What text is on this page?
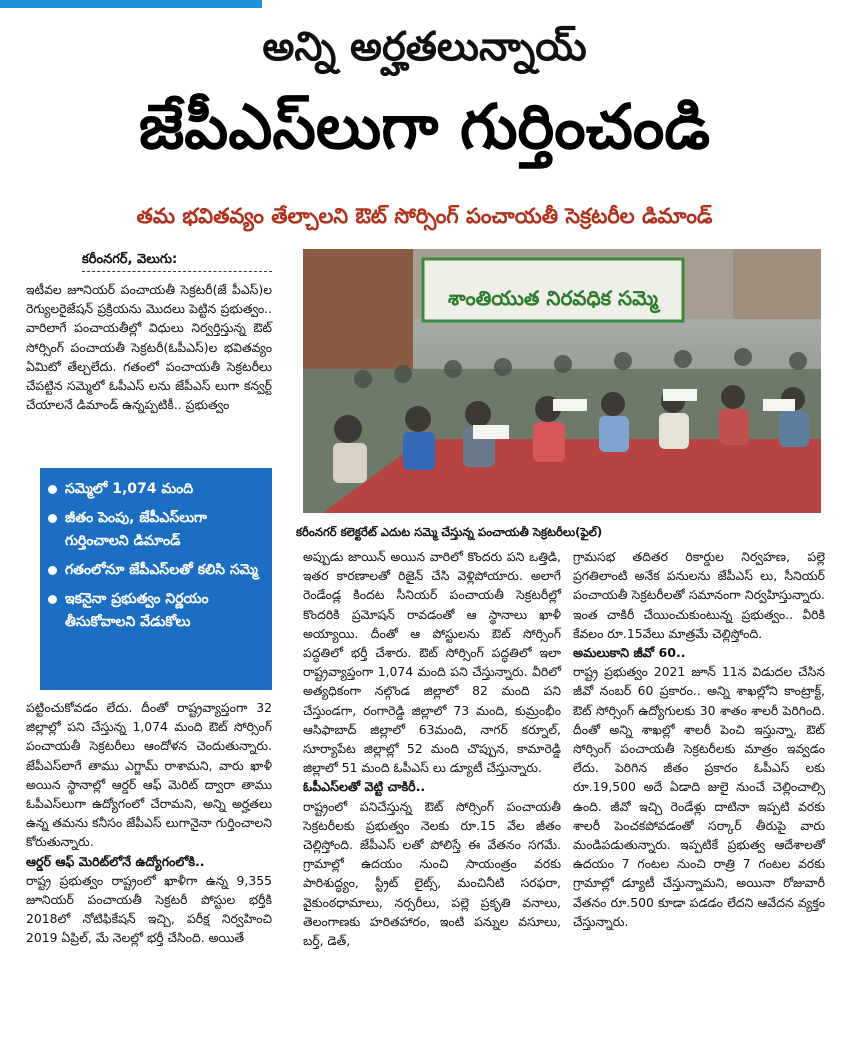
అన్ని అర్హతలున్నాయ్
జేపీఎస్‌లుగా గుర్తించండి
తమ భవితవ్యం తేల్చాలని ఔట్ సోర్సింగ్ పంచాయతీ సెక్రటరీల డిమాండ్
కరీంనగర్, వెలుగు:

ఇటీవల జూనియర్ పంచాయతీ సెక్రటరీ(జే పీఎస్)ల రెగ్యులరైజేషన్ ప్రక్రియను మొదలు పెట్టిన ప్రభుత్వం.. వారిలాగే పంచాయతీల్లో విధులు నిర్వర్తిస్తున్న ఔట్ సోర్సింగ్ పంచాయతీ సెక్రటరీ(ఓపీఎస్)ల భవితవ్యం ఏమిటో తేల్చలేదు. గతంలో పంచాయతీ సెక్రటరీలు చేపట్టిన సమ్మెలో ఓపీఎస్ లను జేపీఎస్ లుగా కన్వర్ట్ చేయాలనే డిమాండ్ ఉన్నప్పటికీ.. ప్రభుత్వం

సమ్మెలో 1,074 మంది
జీతం పెంపు, జేపీఎస్‌లుగా గుర్తించాలని డిమాండ్
గతంలోనూ జేపీఎస్‌లతో కలిసి సమ్మె
ఇకనైనా ప్రభుత్వం నిర్ణయం తీసుకోవాలని వేడుకోలు

పట్టించుకోవడం లేదు. దీంతో రాష్ట్రవ్యాప్తంగా 32 జిల్లాల్లో పని చేస్తున్న 1,074 మంది ఔట్ సోర్సింగ్ పంచాయతీ సెక్రటరీలు ఆందోళన చెందుతున్నారు. జేపీఎస్‌లాగే తాము ఎగ్జామ్ రాశామని, వారు ఖాళీ అయిన స్థానాల్లో ఆర్డర్ ఆఫ్ మెరిట్ ద్వారా తాము ఓపీఎస్‌లుగా ఉద్యోగంలో చేరామని, అన్ని అర్హతలు ఉన్న తమను కనీసం జేపీఎస్ లుగానైనా గుర్తించాలని కోరుతున్నారు.

ఆర్డర్ ఆఫ్ మెరిట్‌లోనే ఉద్యోగంలోకి..

రాష్ట్ర ప్రభుత్వం రాష్ట్రంలో ఖాళీగా ఉన్న 9,355 జూనియర్ పంచాయతీ సెక్రటరీ పోస్టుల భర్తీకి 2018లో నోటిఫికేషన్ ఇచ్చి, పరీక్ష నిర్వహించి 2019 ఏప్రిల్, మే నెలల్లో భర్తీ చేసింది. అయితే

శాంతియుత నిరవధిక సమ్మె
కరీంనగర్ కలెక్టరేట్ ఎదుట సమ్మె చేస్తున్న పంచాయతీ సెక్రటరీలు(ఫైల్)

అప్పుడు జాయిన్ అయిన వారిలో కొందరు పని ఒత్తిడి, ఇతర కారణాలతో రిజైన్ చేసి వెళ్లిపోయారు. అలాగే రెండేండ్ల కిందట సీనియర్ పంచాయతీ సెక్రటరీల్లో కొందరికి ప్రమోషన్ రావడంతో ఆ స్థానాలు ఖాళీ అయ్యాయి. దీంతో ఆ పోస్టులను ఔట్ సోర్సింగ్ పద్ధతిలో భర్తీ చేశారు. ఔట్ సోర్సింగ్ పద్ధతిలో ఇలా రాష్ట్రవ్యాప్తంగా 1,074 మంది పని చేస్తున్నారు. వీరిలో అత్యధికంగా నల్గొండ జిల్లాలో 82 మంది పని చేస్తుండగా, రంగారెడ్డి జిల్లాలో 73 మంది, కుమ్రంభీం ఆసిఫాబాద్ జిల్లాలో 63మంది, నాగర్ కర్నూల్, సూర్యాపేట జిల్లాల్లో 52 మంది చొప్పున, కామారెడ్డి జిల్లాలో 51 మంది ఓపీఎస్ లు డ్యూటీ చేస్తున్నారు.

ఓపీఎస్‌లతో వెట్టి చాకిరీ..

రాష్ట్రంలో పనిచేస్తున్న ఔట్ సోర్సింగ్ పంచాయతీ సెక్రటరీలకు ప్రభుత్వం నెలకు రూ.15 వేల జీతం చెల్లిస్తోంది. జేపీఎస్ లతో పోలిస్తే ఈ వేతనం సగమే. గ్రామాల్లో ఉదయం నుంచి సాయంత్రం వరకు పారిశుద్ధ్యం, స్ట్రీట్ లైట్స్, మంచినీటి సరఫరా, వైకుంఠధామాలు, నర్సరీలు, పల్లె ప్రకృతి వనాలు, తెలంగాణకు హరితహారం, ఇంటి పన్నుల వసూలు, బర్త్, డెత్,

గ్రామసభ తదితర రికార్డుల నిర్వహణ, పల్లె ప్రగతిలాంటి అనేక పనులను జేపీఎస్ లు, సీనియర్ పంచాయతీ సెక్రటరీలతో సమానంగా నిర్వహిస్తున్నారు. ఇంత చాకిరీ చేయించుకుంటున్న ప్రభుత్వం.. వీరికి కేవలం రూ.15వేలు మాత్రమే చెల్లిస్తోంది.

అమలుకాని జీవో 60..

రాష్ట్ర ప్రభుత్వం 2021 జూన్ 11న విడుదల చేసిన జీవో నంబర్ 60 ప్రకారం.. అన్ని శాఖల్లోని కాంట్రాక్ట్, ఔట్ సోర్సింగ్ ఉద్యోగులకు 30 శాతం శాలరీ పెరిగింది. దీంతో అన్ని శాఖల్లో శాలరీ పెంచి ఇస్తున్నా, ఔట్ సోర్సింగ్ పంచాయతీ సెక్రటరీలకు మాత్రం ఇవ్వడం లేదు. పెరిగిన జీతం ప్రకారం ఓపీఎస్ లకు రూ.19,500 అదే ఏడాది జులై నుంచే చెల్లించాల్సి ఉంది. జీవో ఇచ్చి రెండేళ్లు దాటినా ఇప్పటి వరకు శాలరీ పెంచకపోవడంతో సర్కార్ తీరుపై వారు మండిపడుతున్నారు. ఇప్పటికే ప్రభుత్వ ఆదేశాలతో ఉదయం 7 గంటల నుంచి రాత్రి 7 గంటల వరకు గ్రామాల్లో డ్యూటీ చేస్తున్నామని, అయినా రోజువారీ వేతనం రూ.500 కూడా పడడం లేదని ఆవేదన వ్యక్తం చేస్తున్నారు.
